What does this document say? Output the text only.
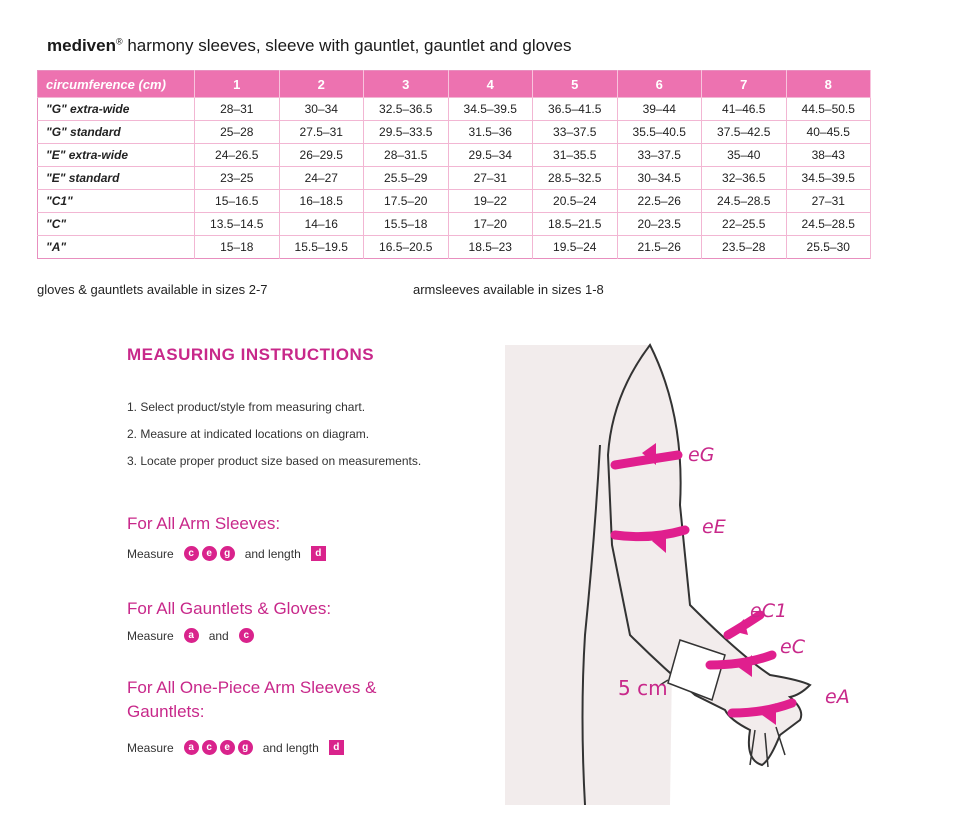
mediven® harmony sleeves, sleeve with gauntlet, gauntlet and gloves
circumference (cm)	1	2	3	4	5	6	7	8
"G" extra-wide	28–31	30–34	32.5–36.5	34.5–39.5	36.5–41.5	39–44	41–46.5	44.5–50.5
"G" standard	25–28	27.5–31	29.5–33.5	31.5–36	33–37.5	35.5–40.5	37.5–42.5	40–45.5
"E" extra-wide	24–26.5	26–29.5	28–31.5	29.5–34	31–35.5	33–37.5	35–40	38–43
"E" standard	23–25	24–27	25.5–29	27–31	28.5–32.5	30–34.5	32–36.5	34.5–39.5
"C1"	15–16.5	16–18.5	17.5–20	19–22	20.5–24	22.5–26	24.5–28.5	27–31
"C"	13.5–14.5	14–16	15.5–18	17–20	18.5–21.5	20–23.5	22–25.5	24.5–28.5
"A"	15–18	15.5–19.5	16.5–20.5	18.5–23	19.5–24	21.5–26	23.5–28	25.5–30
gloves & gauntlets available in sizes 2-7	armsleeves available in sizes 1-8
MEASURING INSTRUCTIONS
1. Select product/style from measuring chart.
2. Measure at indicated locations on diagram.
3. Locate proper product size based on measurements.
For All Arm Sleeves:
Measure	c	e	g	and length	d
For All Gauntlets & Gloves:
Measure	a	and	c
For All One-Piece Arm Sleeves &
Gauntlets:
Measure	a	c	e	g	and length	d
5 cm
eG
eE
eC1
eC
eA
